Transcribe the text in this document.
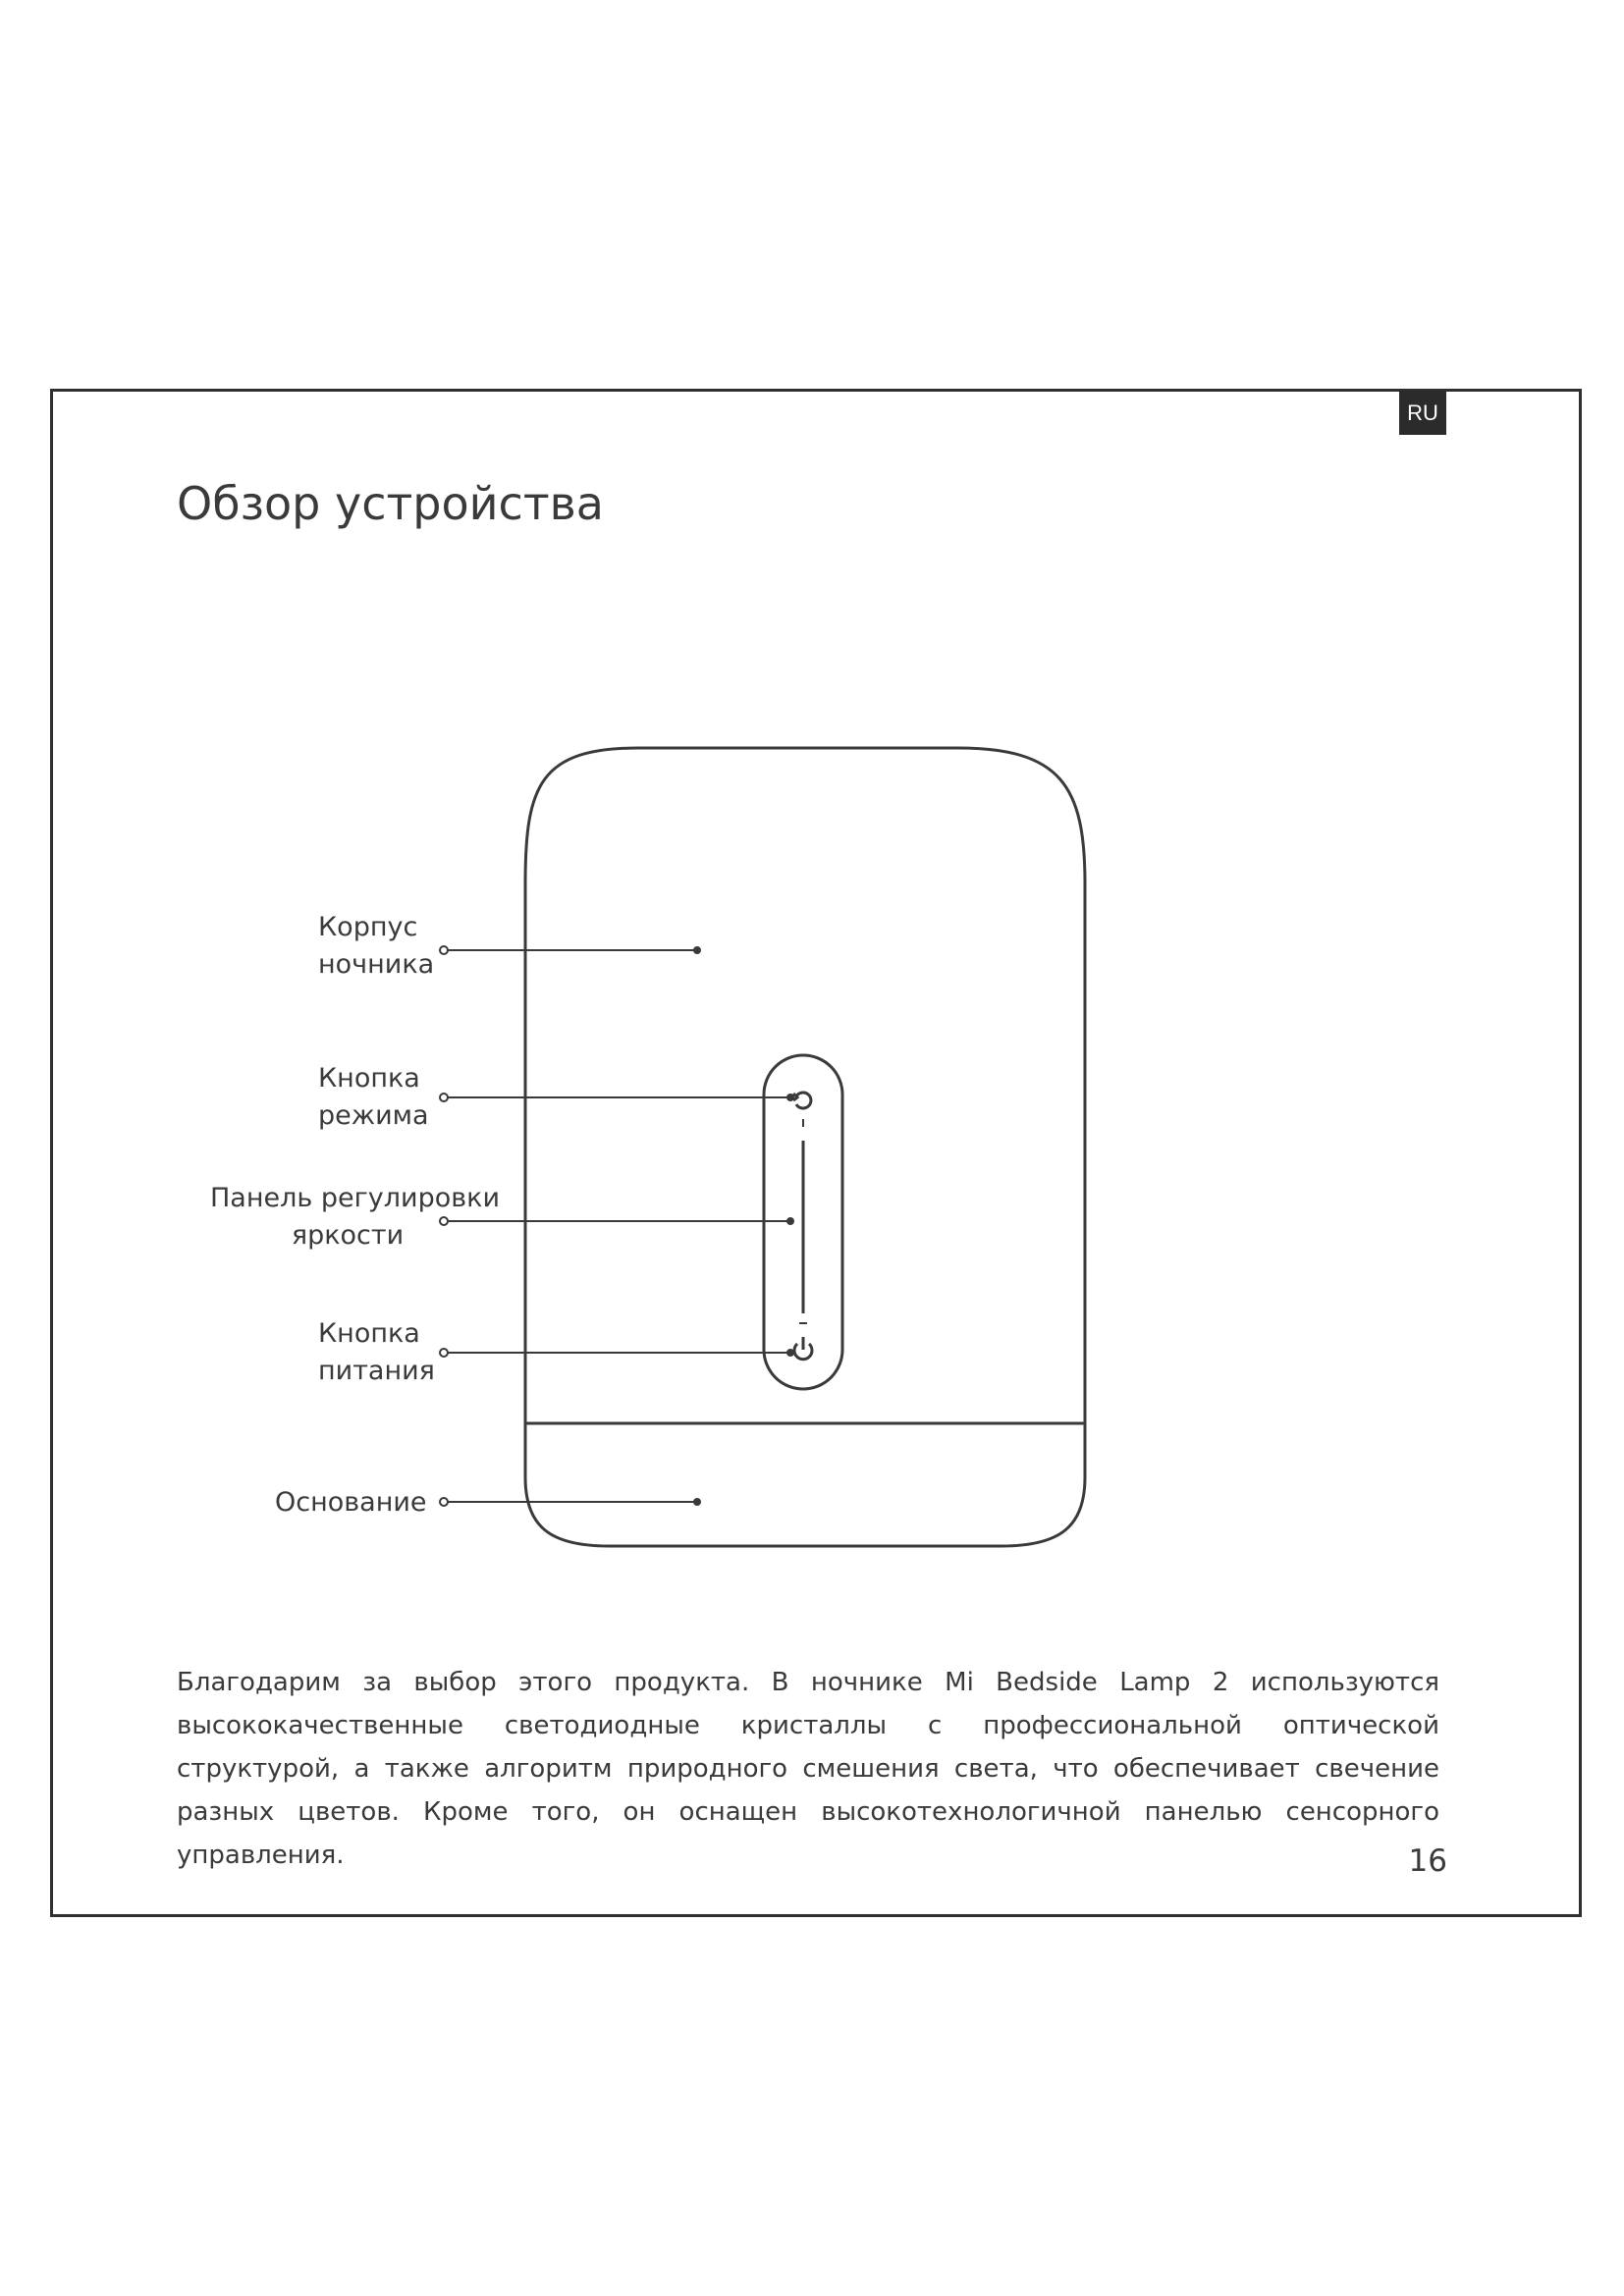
RU
Обзор устройства
Корпус
ночника
Кнопка
режима
Панель регулировки
яркости
Кнопка
питания
Основание

Благодарим за выбор этого продукта. В ночнике Mi Bedside Lamp 2 используются высококачественные светодиодные кристаллы с профессиональной оптической структурой, а также алгоритм природного смешения света, что обеспечивает свечение разных цветов. Кроме того, он оснащен высокотехнологичной панелью сенсорного управления.	16
